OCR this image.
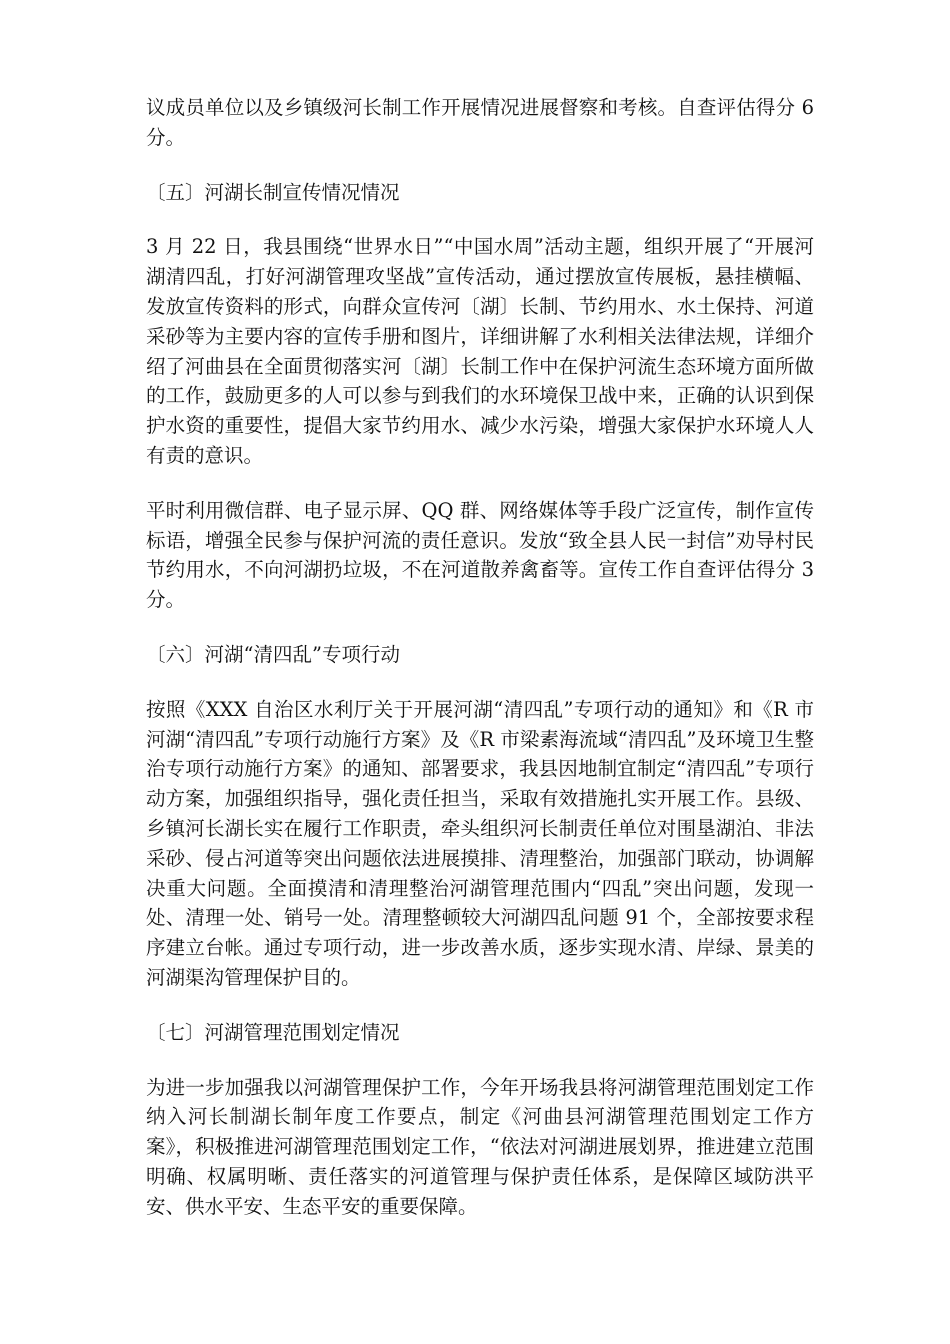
议成员单位以及乡镇级河长制工作开展情况进展督察和考核。自查评估得分 6 分。

〔五〕河湖长制宣传情况情况

3 月 22 日，我县围绕“世界水日”“中国水周”活动主题，组织开展了“开展河湖清四乱，打好河湖管理攻坚战”宣传活动，通过摆放宣传展板，悬挂横幅、发放宣传资料的形式，向群众宣传河〔湖〕长制、节约用水、水土保持、河道采砂等为主要内容的宣传手册和图片，详细讲解了水利相关法律法规，详细介绍了河曲县在全面贯彻落实河〔湖〕长制工作中在保护河流生态环境方面所做的工作，鼓励更多的人可以参与到我们的水环境保卫战中来，正确的认识到保护水资的重要性，提倡大家节约用水、减少水污染，增强大家保护水环境人人有责的意识。

平时利用微信群、电子显示屏、QQ 群、网络媒体等手段广泛宣传，制作宣传标语，增强全民参与保护河流的责任意识。发放“致全县人民一封信”劝导村民节约用水，不向河湖扔垃圾，不在河道散养禽畜等。宣传工作自查评估得分 3 分。

〔六〕河湖“清四乱”专项行动

按照《XXX 自治区水利厅关于开展河湖“清四乱”专项行动的通知》和《R 市河湖“清四乱”专项行动施行方案》及《R 市梁素海流域“清四乱”及环境卫生整治专项行动施行方案》的通知、部署要求，我县因地制宜制定“清四乱”专项行动方案，加强组织指导，强化责任担当，采取有效措施扎实开展工作。县级、乡镇河长湖长实在履行工作职责，牵头组织河长制责任单位对围垦湖泊、非法采砂、侵占河道等突出问题依法进展摸排、清理整治，加强部门联动，协调解决重大问题。全面摸清和清理整治河湖管理范围内“四乱”突出问题，发现一处、清理一处、销号一处。清理整顿较大河湖四乱问题 91 个，全部按要求程序建立台帐。通过专项行动，进一步改善水质，逐步实现水清、岸绿、景美的河湖渠沟管理保护目的。

〔七〕河湖管理范围划定情况

为进一步加强我以河湖管理保护工作，今年开场我县将河湖管理范围划定工作纳入河长制湖长制年度工作要点，制定《河曲县河湖管理范围划定工作方案》，积极推进河湖管理范围划定工作，“依法对河湖进展划界，推进建立范围明确、权属明晰、责任落实的河道管理与保护责任体系，是保障区域防洪平安、供水平安、生态平安的重要保障。
